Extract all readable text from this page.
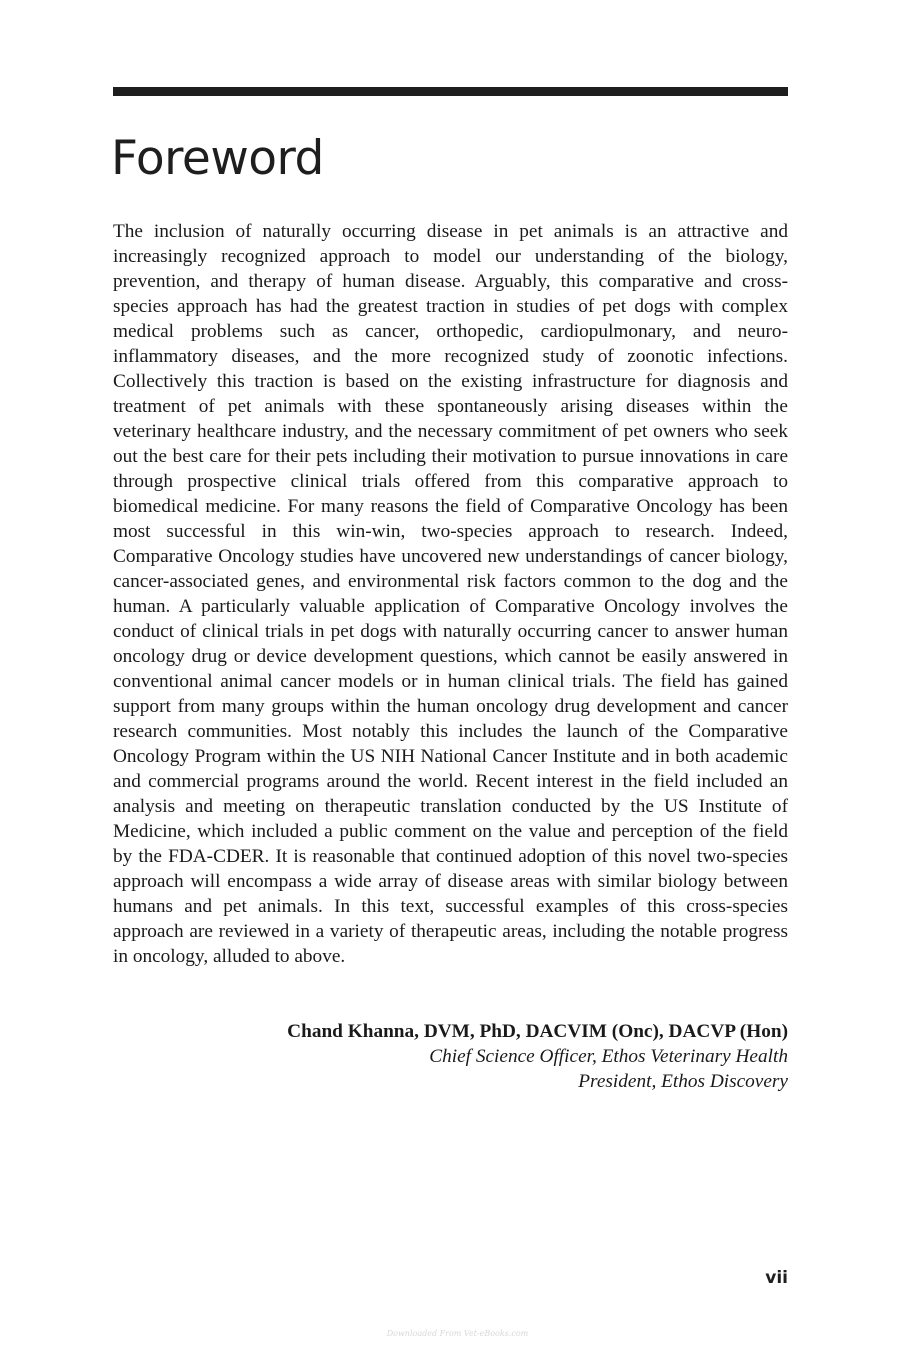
Foreword

The inclusion of naturally occurring disease in pet animals is an attractive and increasingly recognized approach to model our understanding of the biology, prevention, and therapy of human disease. Arguably, this comparative and cross-species approach has had the greatest traction in studies of pet dogs with complex medical problems such as cancer, orthopedic, cardiopulmonary, and neuro-inflammatory diseases, and the more recognized study of zoonotic infections. Collectively this traction is based on the existing infrastructure for diagnosis and treatment of pet animals with these spontaneously arising diseases within the veterinary healthcare industry, and the necessary commitment of pet owners who seek out the best care for their pets including their motivation to pursue innovations in care through prospective clinical trials offered from this comparative approach to biomedical medicine. For many reasons the field of Comparative Oncology has been most successful in this win-win, two-species approach to research. Indeed, Comparative Oncology studies have uncovered new understandings of cancer biology, cancer-associated genes, and environmental risk factors common to the dog and the human. A particularly valuable application of Comparative Oncology involves the conduct of clinical trials in pet dogs with naturally occurring cancer to answer human oncology drug or device development questions, which cannot be easily answered in conventional animal cancer models or in human clinical trials. The field has gained support from many groups within the human oncology drug development and cancer research communities. Most notably this includes the launch of the Comparative Oncology Program within the US NIH National Cancer Institute and in both academic and commercial programs around the world. Recent interest in the field included an analysis and meeting on therapeutic translation conducted by the US Institute of Medicine, which included a public comment on the value and perception of the field by the FDA-CDER. It is reasonable that continued adoption of this novel two-species approach will encompass a wide array of disease areas with similar biology between humans and pet animals. In this text, successful examples of this cross-species approach are reviewed in a variety of therapeutic areas, including the notable progress in oncology, alluded to above.

Chand Khanna, DVM, PhD, DACVIM (Onc), DACVP (Hon)
Chief Science Officer, Ethos Veterinary Health
President, Ethos Discovery
vii
Downloaded From Vet-eBooks.com
